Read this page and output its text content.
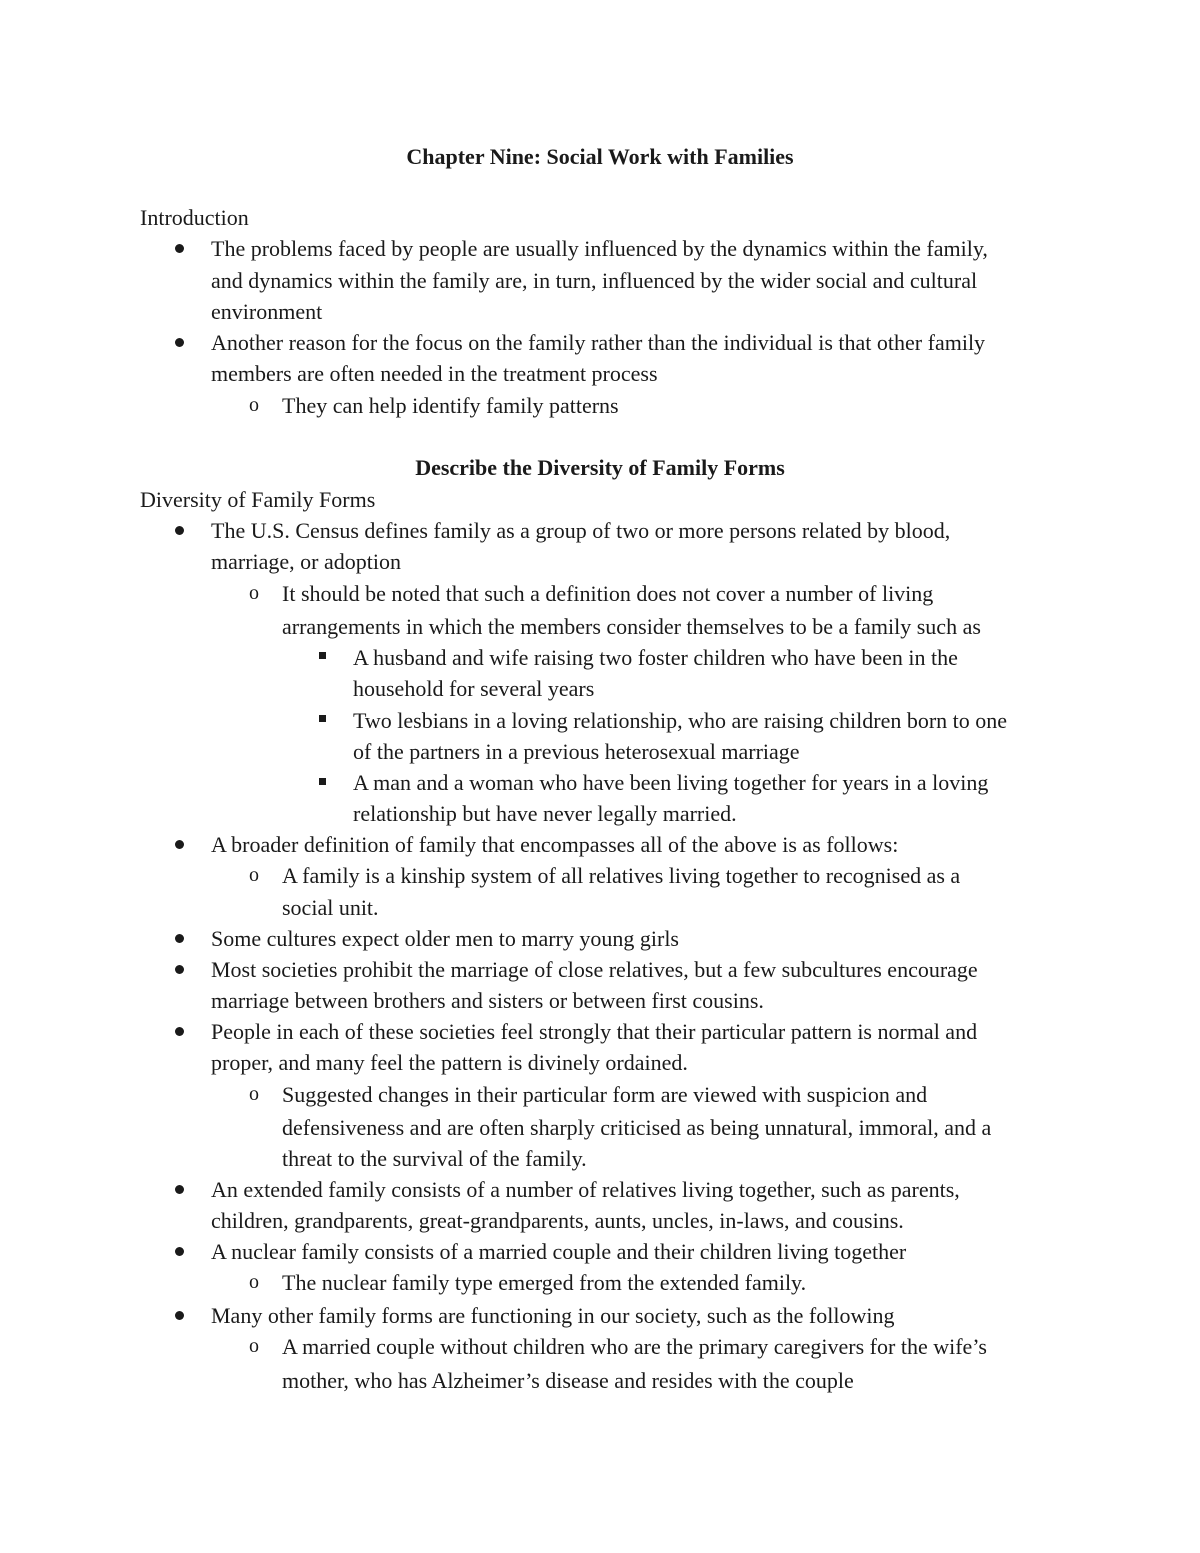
Chapter Nine: Social Work with Families
Introduction
The problems faced by people are usually influenced by the dynamics within the family,
and dynamics within the family are, in turn, influenced by the wider social and cultural
environment
Another reason for the focus on the family rather than the individual is that other family
members are often needed in the treatment process
o They can help identify family patterns
Describe the Diversity of Family Forms
Diversity of Family Forms
The U.S. Census defines family as a group of two or more persons related by blood,
marriage, or adoption
o It should be noted that such a definition does not cover a number of living
arrangements in which the members consider themselves to be a family such as
A husband and wife raising two foster children who have been in the
household for several years
Two lesbians in a loving relationship, who are raising children born to one
of the partners in a previous heterosexual marriage
A man and a woman who have been living together for years in a loving
relationship but have never legally married.
A broader definition of family that encompasses all of the above is as follows:
o A family is a kinship system of all relatives living together to recognised as a
social unit.
Some cultures expect older men to marry young girls
Most societies prohibit the marriage of close relatives, but a few subcultures encourage
marriage between brothers and sisters or between first cousins.
People in each of these societies feel strongly that their particular pattern is normal and
proper, and many feel the pattern is divinely ordained.
o Suggested changes in their particular form are viewed with suspicion and
defensiveness and are often sharply criticised as being unnatural, immoral, and a
threat to the survival of the family.
An extended family consists of a number of relatives living together, such as parents,
children, grandparents, great-grandparents, aunts, uncles, in-laws, and cousins.
A nuclear family consists of a married couple and their children living together
o The nuclear family type emerged from the extended family.
Many other family forms are functioning in our society, such as the following
o A married couple without children who are the primary caregivers for the wife’s
mother, who has Alzheimer’s disease and resides with the couple
